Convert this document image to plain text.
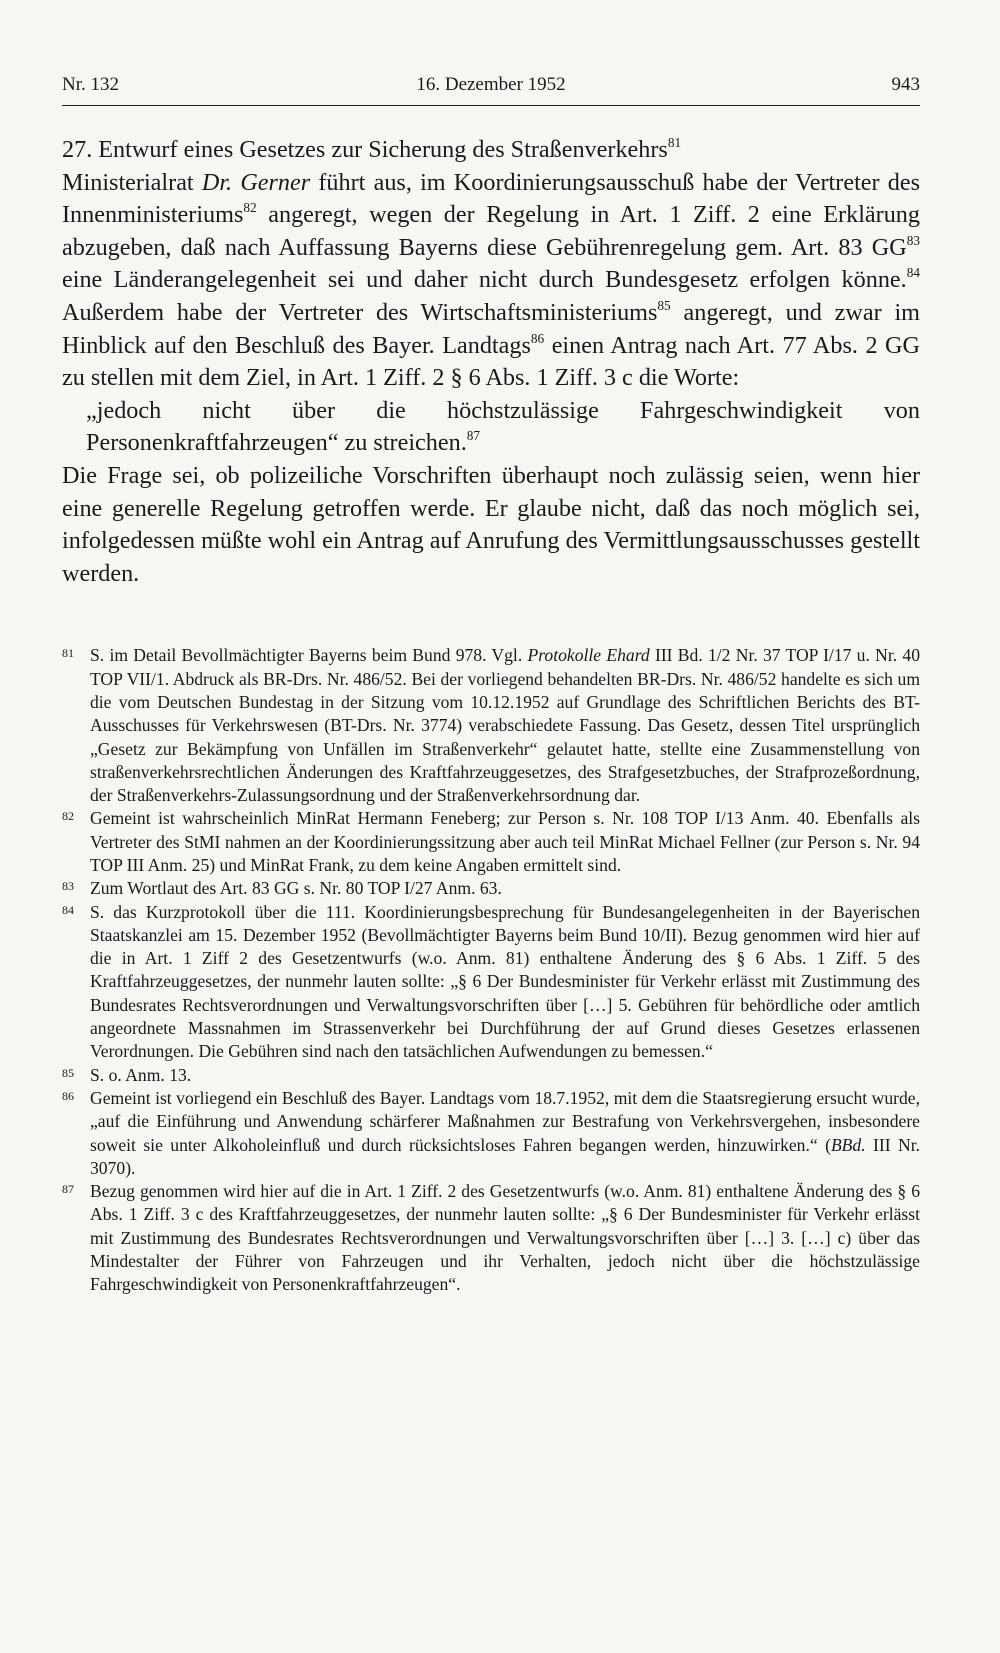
Nr. 132	16. Dezember 1952	943

27. Entwurf eines Gesetzes zur Sicherung des Straßenverkehrs$^{81}$

Ministerialrat Dr. Gerner führt aus, im Koordinierungsausschuß habe der Vertreter des Innenministeriums$^{82}$ angeregt, wegen der Regelung in Art. 1 Ziff. 2 eine Erklärung abzugeben, daß nach Auffassung Bayerns diese Gebührenregelung gem. Art. 83 GG$^{83}$ eine Länderangelegenheit sei und daher nicht durch Bundesgesetz erfolgen könne.$^{84}$ Außerdem habe der Vertreter des Wirtschaftsministeriums$^{85}$ angeregt, und zwar im Hinblick auf den Beschluß des Bayer. Landtags$^{86}$ einen Antrag nach Art. 77 Abs. 2 GG zu stellen mit dem Ziel, in Art. 1 Ziff. 2 § 6 Abs. 1 Ziff. 3 c die Worte:

„jedoch nicht über die höchstzulässige Fahrgeschwindigkeit von Personenkraftfahrzeugen“ zu streichen.$^{87}$

Die Frage sei, ob polizeiliche Vorschriften überhaupt noch zulässig seien, wenn hier eine generelle Regelung getroffen werde. Er glaube nicht, daß das noch möglich sei, infolgedessen müßte wohl ein Antrag auf Anrufung des Vermittlungsausschusses gestellt werden.

81 S. im Detail Bevollmächtigter Bayerns beim Bund 978. Vgl. Protokolle Ehard III Bd. 1/2 Nr. 37 TOP I/17 u. Nr. 40 TOP VII/1. Abdruck als BR-Drs. Nr. 486/52. Bei der vorliegend behandelten BR-Drs. Nr. 486/52 handelte es sich um die vom Deutschen Bundestag in der Sitzung vom 10.12.1952 auf Grundlage des Schriftlichen Berichts des BT-Ausschusses für Verkehrswesen (BT-Drs. Nr. 3774) verabschiedete Fassung. Das Gesetz, dessen Titel ursprünglich „Gesetz zur Bekämpfung von Unfällen im Straßenverkehr“ gelautet hatte, stellte eine Zusammenstellung von straßenverkehrsrechtlichen Änderungen des Kraftfahrzeuggesetzes, des Strafgesetzbuches, der Strafprozeßordnung, der Straßenverkehrs-Zulassungsordnung und der Straßenverkehrsordnung dar.
82 Gemeint ist wahrscheinlich MinRat Hermann Feneberg; zur Person s. Nr. 108 TOP I/13 Anm. 40. Ebenfalls als Vertreter des StMI nahmen an der Koordinierungssitzung aber auch teil MinRat Michael Fellner (zur Person s. Nr. 94 TOP III Anm. 25) und MinRat Frank, zu dem keine Angaben ermittelt sind.
83 Zum Wortlaut des Art. 83 GG s. Nr. 80 TOP I/27 Anm. 63.
84 S. das Kurzprotokoll über die 111. Koordinierungsbesprechung für Bundesangelegenheiten in der Bayerischen Staatskanzlei am 15. Dezember 1952 (Bevollmächtigter Bayerns beim Bund 10/II). Bezug genommen wird hier auf die in Art. 1 Ziff 2 des Gesetzentwurfs (w.o. Anm. 81) enthaltene Änderung des § 6 Abs. 1 Ziff. 5 des Kraftfahrzeuggesetzes, der nunmehr lauten sollte: „§ 6 Der Bundesminister für Verkehr erlässt mit Zustimmung des Bundesrates Rechtsverordnungen und Verwaltungsvorschriften über […] 5. Gebühren für behördliche oder amtlich angeordnete Massnahmen im Strassenverkehr bei Durchführung der auf Grund dieses Gesetzes erlassenen Verordnungen. Die Gebühren sind nach den tatsächlichen Aufwendungen zu bemessen.“
85 S. o. Anm. 13.
86 Gemeint ist vorliegend ein Beschluß des Bayer. Landtags vom 18.7.1952, mit dem die Staatsregierung ersucht wurde, „auf die Einführung und Anwendung schärferer Maßnahmen zur Bestrafung von Verkehrsvergehen, insbesondere soweit sie unter Alkoholeinfluß und durch rücksichtsloses Fahren begangen werden, hinzuwirken.“ (BBd. III Nr. 3070).
87 Bezug genommen wird hier auf die in Art. 1 Ziff. 2 des Gesetzentwurfs (w.o. Anm. 81) enthaltene Änderung des § 6 Abs. 1 Ziff. 3 c des Kraftfahrzeuggesetzes, der nunmehr lauten sollte: „§ 6 Der Bundesminister für Verkehr erlässt mit Zustimmung des Bundesrates Rechtsverordnungen und Verwaltungsvorschriften über […] 3. […] c) über das Mindestalter der Führer von Fahrzeugen und ihr Verhalten, jedoch nicht über die höchstzulässige Fahrgeschwindigkeit von Personenkraftfahrzeugen“.
